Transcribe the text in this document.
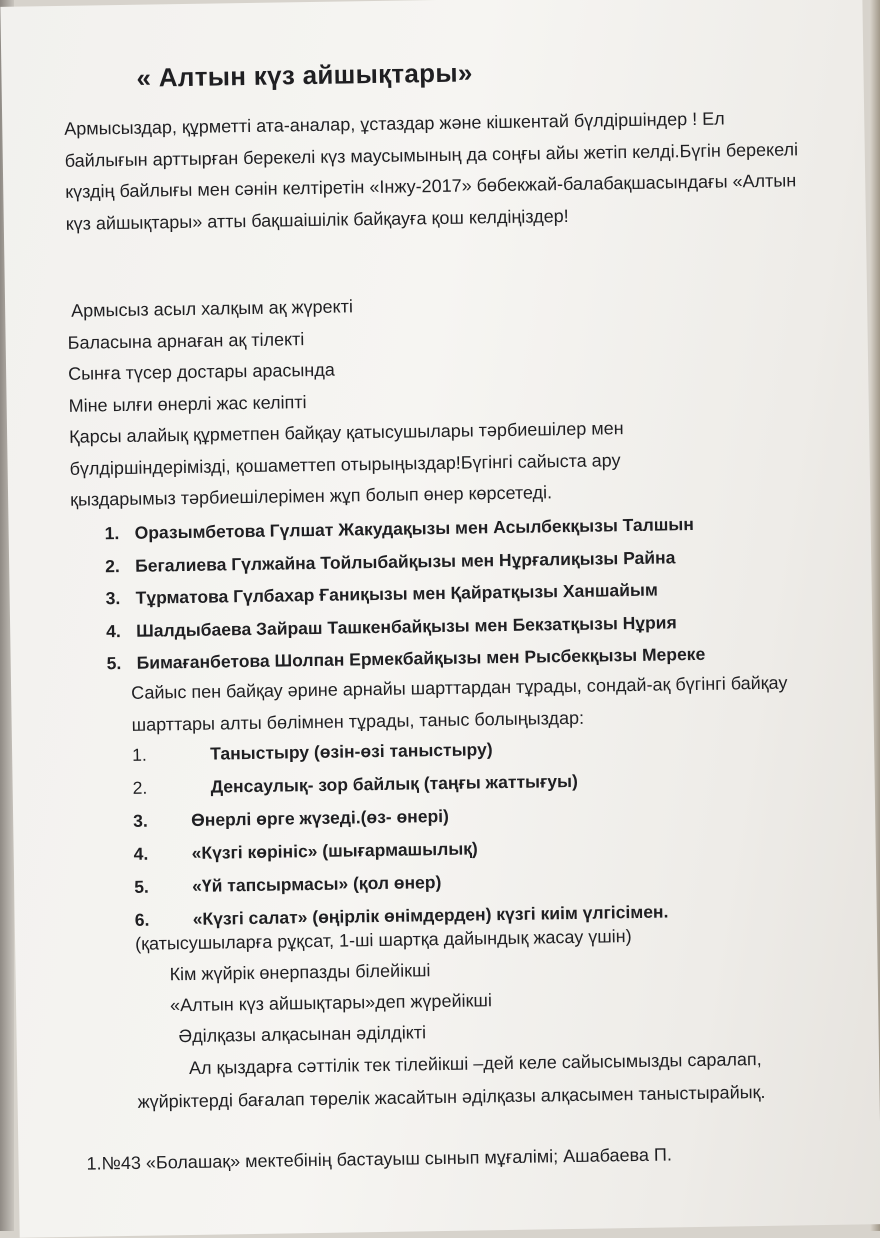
« Алтын күз айшықтары»
Армысыздар, құрметті ата-аналар, ұстаздар және кішкентай бүлдіршіндер ! Ел байлығын арттырған берекелі күз маусымының да соңғы айы жетіп келді.Бүгін берекелі күздің байлығы мен сәнін келтіретін «Інжу-2017» бөбекжай-балабақшасындағы «Алтын күз айшықтары» атты бақшаішілік байқауға қош келдіңіздер!
Армысыз асыл халқым ақ жүректі
Баласына арнаған ақ тілекті
Сынға түсер достары арасында
Міне ылғи өнерлі жас келіпті
Қарсы алайық құрметпен байқау қатысушылары тәрбиешілер мен
бүлдіршіндерімізді, қошаметтеп отырыңыздар!Бүгінгі сайыста ару
қыздарымыз тәрбиешілерімен жұп болып өнер көрсетеді.
1. Оразымбетова Гүлшат Жакудақызы мен Асылбекқызы Талшын
2. Бегалиева Гүлжайна Тойлыбайқызы мен Нұрғалиқызы Райна
3. Тұрматова Гүлбахар Ғаниқызы мен Қайратқызы Ханшайым
4. Шалдыбаева Зайраш Ташкенбайқызы мен Бекзатқызы Нұрия
5. Бимағанбетова Шолпан Ермекбайқызы мен Рысбекқызы Мереке
Сайыс пен байқау әрине арнайы шарттардан тұрады, сондай-ақ бүгінгі байқау шарттары алты бөлімнен тұрады, таныс болыңыздар:
1.	Таныстыру (өзін-өзі таныстыру)
2.	Денсаулық- зор байлық (таңғы жаттығуы)
3. Өнерлі өрге жүзеді.(өз- өнері)
4. «Күзгі көрініс» (шығармашылық)
5. «Үй тапсырмасы» (қол өнер)
6. «Күзгі салат» (өңірлік өнімдерден) күзгі киім үлгісімен.
(қатысушыларға рұқсат, 1-ші шартқа дайындық жасау үшін)
Кім жүйрік өнерпазды білейікші
«Алтын күз айшықтары»деп жүрейікші
Әділқазы алқасынан әділдікті
Ал қыздарға сәттілік тек тілейікші –дей келе сайысымызды саралап, жүйріктерді бағалап төрелік жасайтын әділқазы алқасымен таныстырайық.
1.№43 «Болашақ» мектебінің бастауыш сынып мұғалімі; Ашабаева П.
